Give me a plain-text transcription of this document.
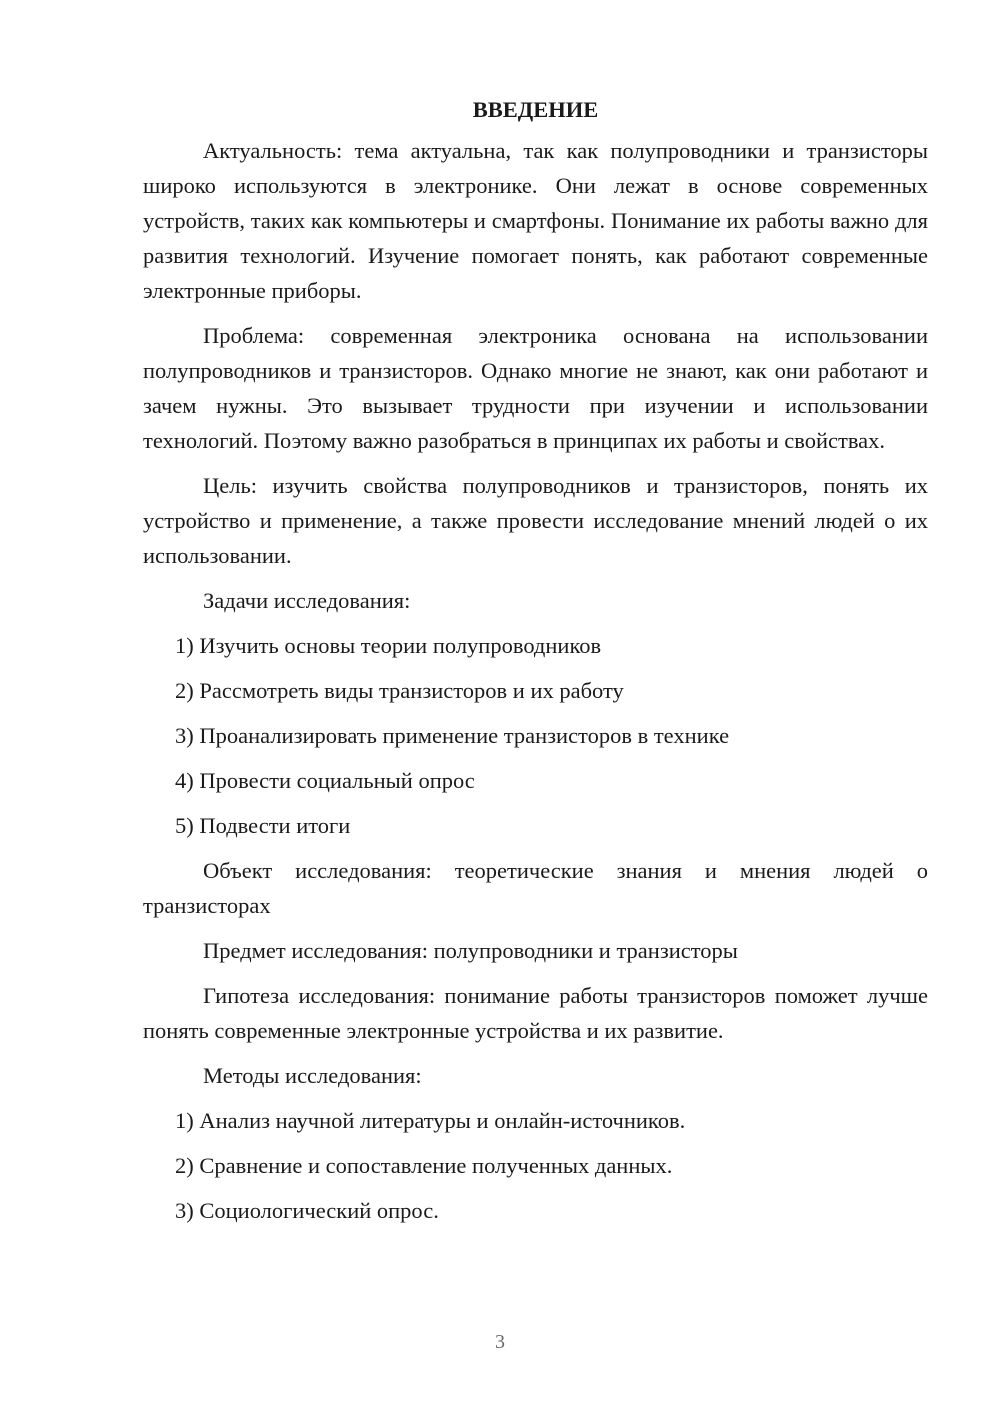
ВВЕДЕНИЕ

Актуальность: тема актуальна, так как полупроводники и транзисторы широко используются в электронике. Они лежат в основе современных устройств, таких как компьютеры и смартфоны. Понимание их работы важно для развития технологий. Изучение помогает понять, как работают современные электронные приборы.

Проблема: современная электроника основана на использовании полупроводников и транзисторов. Однако многие не знают, как они работают и зачем нужны. Это вызывает трудности при изучении и использовании технологий. Поэтому важно разобраться в принципах их работы и свойствах.

Цель: изучить свойства полупроводников и транзисторов, понять их устройство и применение, а также провести исследование мнений людей о их использовании.

Задачи исследования:

1) Изучить основы теории полупроводников

2) Рассмотреть виды транзисторов и их работу

3) Проанализировать применение транзисторов в технике

4) Провести социальный опрос

5) Подвести итоги

Объект исследования: теоретические знания и мнения людей о транзисторах

Предмет исследования: полупроводники и транзисторы

Гипотеза исследования: понимание работы транзисторов поможет лучше понять современные электронные устройства и их развитие.

Методы исследования:

1) Анализ научной литературы и онлайн-источников.

2) Сравнение и сопоставление полученных данных.

3) Социологический опрос.

3
